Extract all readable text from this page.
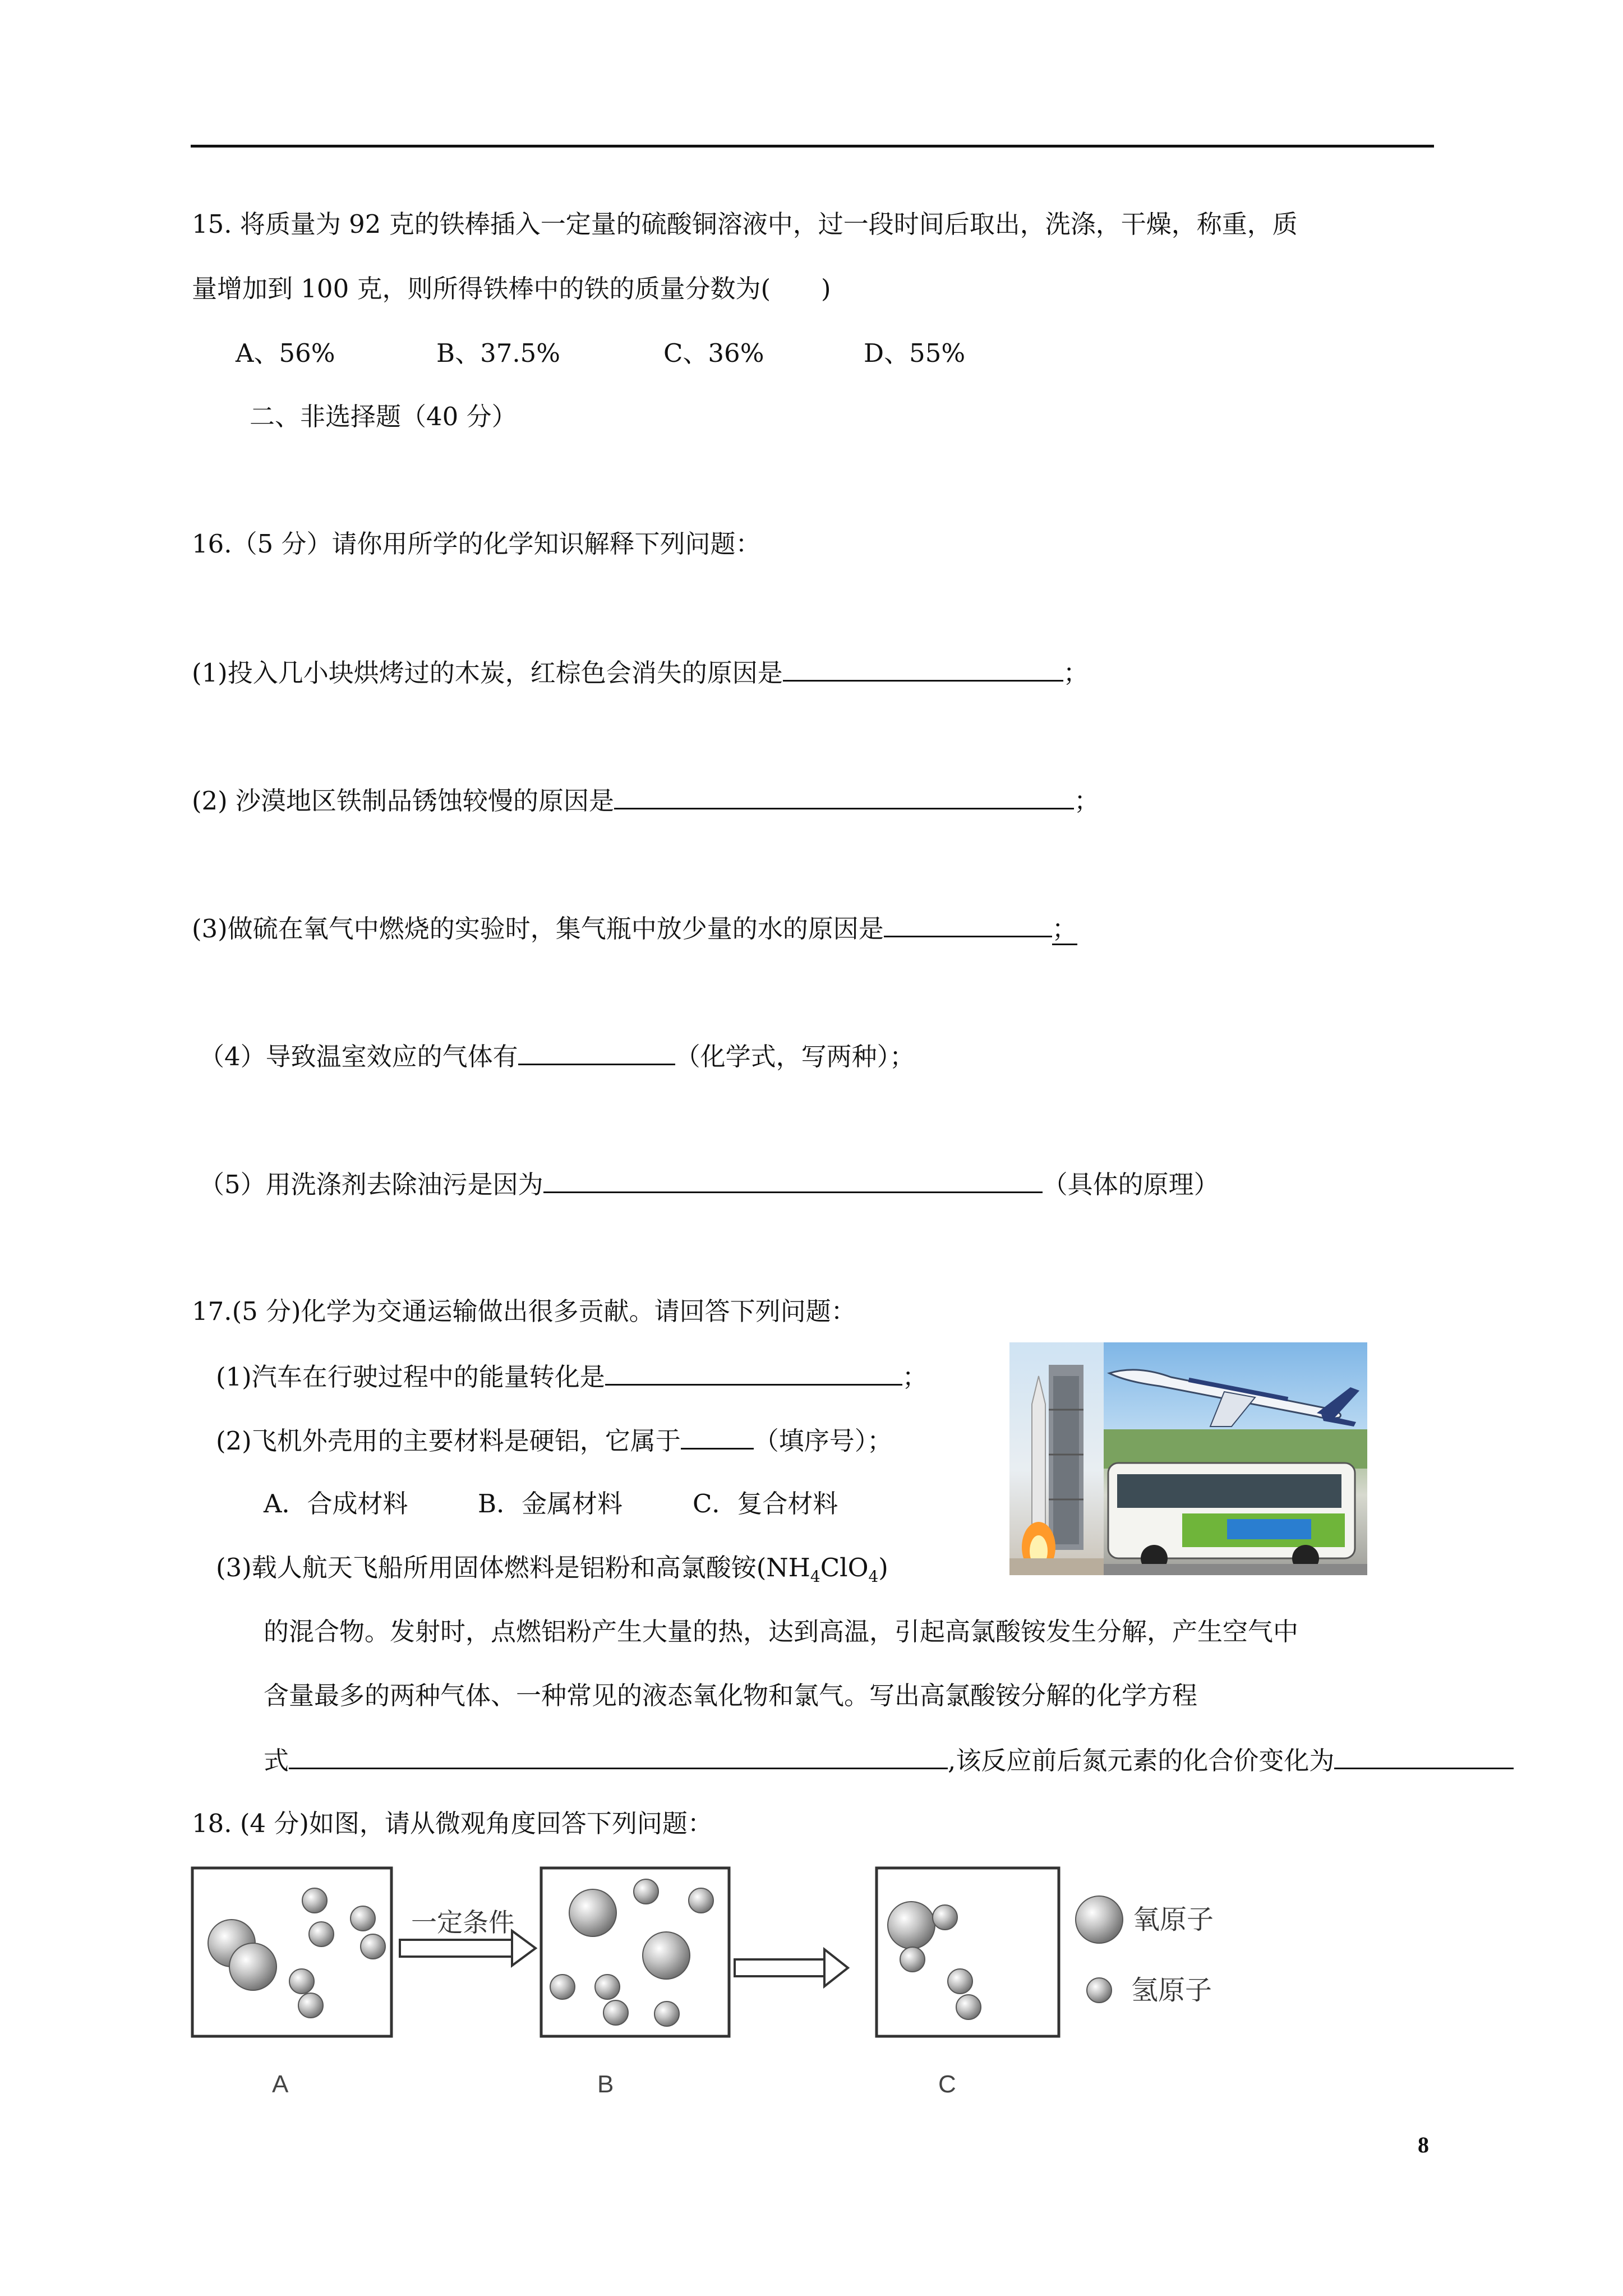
15. 将质量为 92 克的铁棒插入一定量的硫酸铜溶液中，过一段时间后取出，洗涤，干燥，称重，质
量增加到 100 克，则所得铁棒中的铁的质量分数为(　　)
A、56%	B、37.5%	C、36%	D、55%
二、非选择题（40 分）
16.（5 分）请你用所学的化学知识解释下列问题：
(1)投入几小块烘烤过的木炭，红棕色会消失的原因是	；
(2) 沙漠地区铁制品锈蚀较慢的原因是	；
(3)做硫在氧气中燃烧的实验时，集气瓶中放少量的水的原因是	；
（4）导致温室效应的气体有	（化学式，写两种）；
（5）用洗涤剂去除油污是因为	（具体的原理）
17.(5 分)化学为交通运输做出很多贡献。请回答下列问题：
(1)汽车在行驶过程中的能量转化是	；
(2)飞机外壳用的主要材料是硬铝，它属于	（填序号）；
A．合成材料	B．金属材料	C．复合材料
(3)载人航天飞船所用固体燃料是铝粉和高氯酸铵$(NH_4ClO_4)$
的混合物。发射时，点燃铝粉产生大量的热，达到高温，引起高氯酸铵发生分解，产生空气中
含量最多的两种气体、一种常见的液态氧化物和氯气。写出高氯酸铵分解的化学方程
式	,该反应前后氮元素的化合价变化为
18. (4 分)如图，请从微观角度回答下列问题：
一定条件	氧原子
氢原子
A	B	C
8
